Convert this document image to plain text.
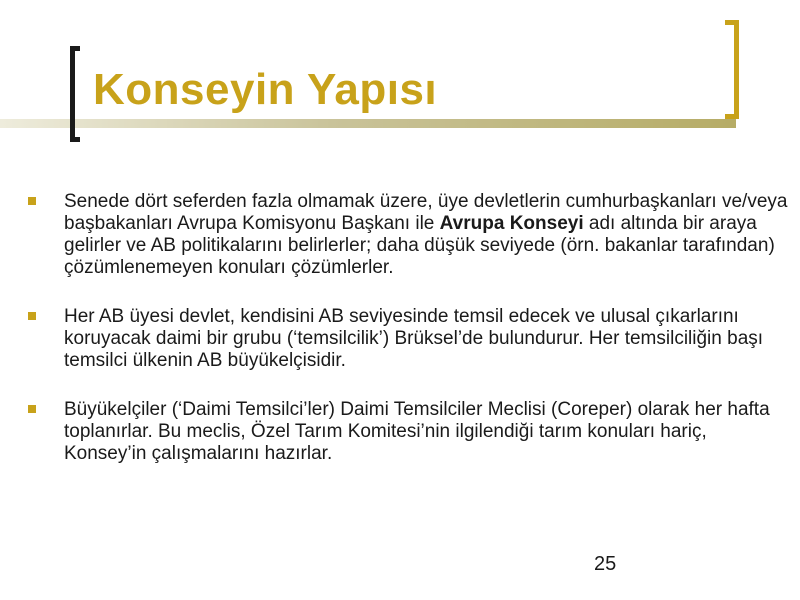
Konseyin Yapısı
Senede dört seferden fazla olmamak üzere, üye devletlerin cumhurbaşkanları ve/veya başbakanları Avrupa Komisyonu Başkanı ile Avrupa Konseyi adı altında bir araya gelirler ve AB politikalarını belirlerler; daha düşük seviyede (örn. bakanlar tarafından) çözümlenemeyen konuları çözümlerler.
Her AB üyesi devlet, kendisini AB seviyesinde temsil edecek ve ulusal çıkarlarını koruyacak daimi bir grubu (‘temsilcilik’) Brüksel’de bulundurur. Her temsilciliğin başı temsilci ülkenin AB büyükelçisidir.
Büyükelçiler (‘Daimi Temsilci’ler) Daimi Temsilciler Meclisi (Coreper) olarak her hafta toplanırlar. Bu meclis, Özel Tarım Komitesi’nin ilgilendiği tarım konuları hariç, Konsey’in çalışmalarını hazırlar.
25
